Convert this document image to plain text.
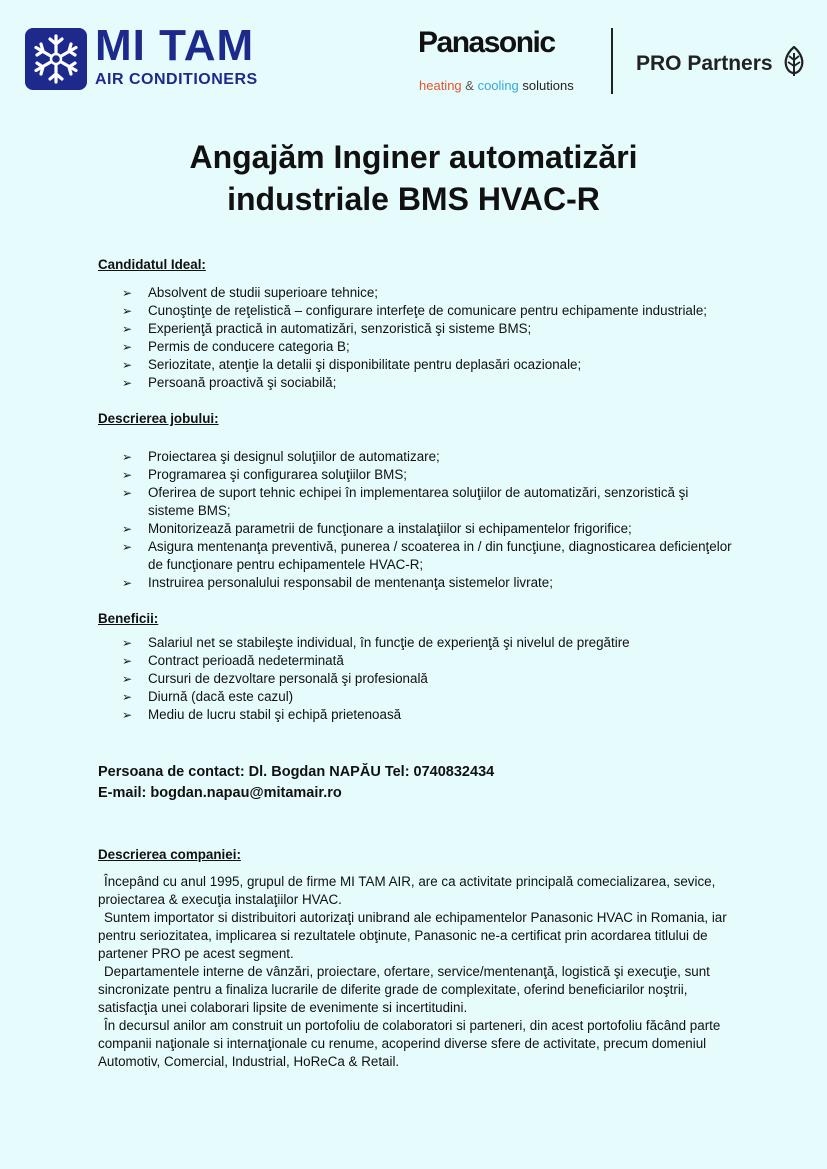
MI TAM
AIR CONDITIONERS
Panasonic
heating & cooling solutions
PRO Partners
Angajăm Inginer automatizări
industriale BMS HVAC-R
Candidatul Ideal:
➢ Absolvent de studii superioare tehnice;
➢ Cunoştinţe de reţelistică – configurare interfeţe de comunicare pentru echipamente industriale;
➢ Experienţă practică in automatizări, senzoristică şi sisteme BMS;
➢ Permis de conducere categoria B;
➢ Seriozitate, atenţie la detalii şi disponibilitate pentru deplasări ocazionale;
➢ Persoană proactivă şi sociabilă;
Descrierea jobului:
➢ Proiectarea şi designul soluţiilor de automatizare;
➢ Programarea şi configurarea soluţiilor BMS;
➢ Oferirea de suport tehnic echipei în implementarea soluţiilor de automatizări, senzoristică şi sisteme BMS;
➢ Monitorizează parametrii de funcţionare a instalaţiilor si echipamentelor frigorifice;
➢ Asigura mentenanţa preventivă, punerea / scoaterea in / din funcţiune, diagnosticarea deficienţelor de funcţionare pentru echipamentele HVAC-R;
➢ Instruirea personalului responsabil de mentenanţa sistemelor livrate;
Beneficii:
➢ Salariul net se stabileşte individual, în funcţie de experienţă şi nivelul de pregătire
➢ Contract perioadă nedeterminată
➢ Cursuri de dezvoltare personală şi profesională
➢ Diurnă (dacă este cazul)
➢ Mediu de lucru stabil şi echipă prietenoasă
Persoana de contact: Dl. Bogdan NAPĂU Tel: 0740832434
E-mail: bogdan.napau@mitamair.ro
Descrierea companiei:
Începând cu anul 1995, grupul de firme MI TAM AIR, are ca activitate principală comecializarea, sevice, proiectarea & execuţia instalaţiilor HVAC.
Suntem importator si distribuitori autorizaţi unibrand ale echipamentelor Panasonic HVAC in Romania, iar pentru seriozitatea, implicarea si rezultatele obţinute, Panasonic ne-a certificat prin acordarea titlului de partener PRO pe acest segment.
Departamentele interne de vânzări, proiectare, ofertare, service/mentenanţă, logistică şi execuţie, sunt sincronizate pentru a finaliza lucrarile de diferite grade de complexitate, oferind beneficiarilor noştrii, satisfacţia unei colaborari lipsite de evenimente si incertitudini.
În decursul anilor am construit un portofoliu de colaboratori si parteneri, din acest portofoliu făcând parte companii naţionale si internaţionale cu renume, acoperind diverse sfere de activitate, precum domeniul Automotiv, Comercial, Industrial, HoReCa & Retail.
